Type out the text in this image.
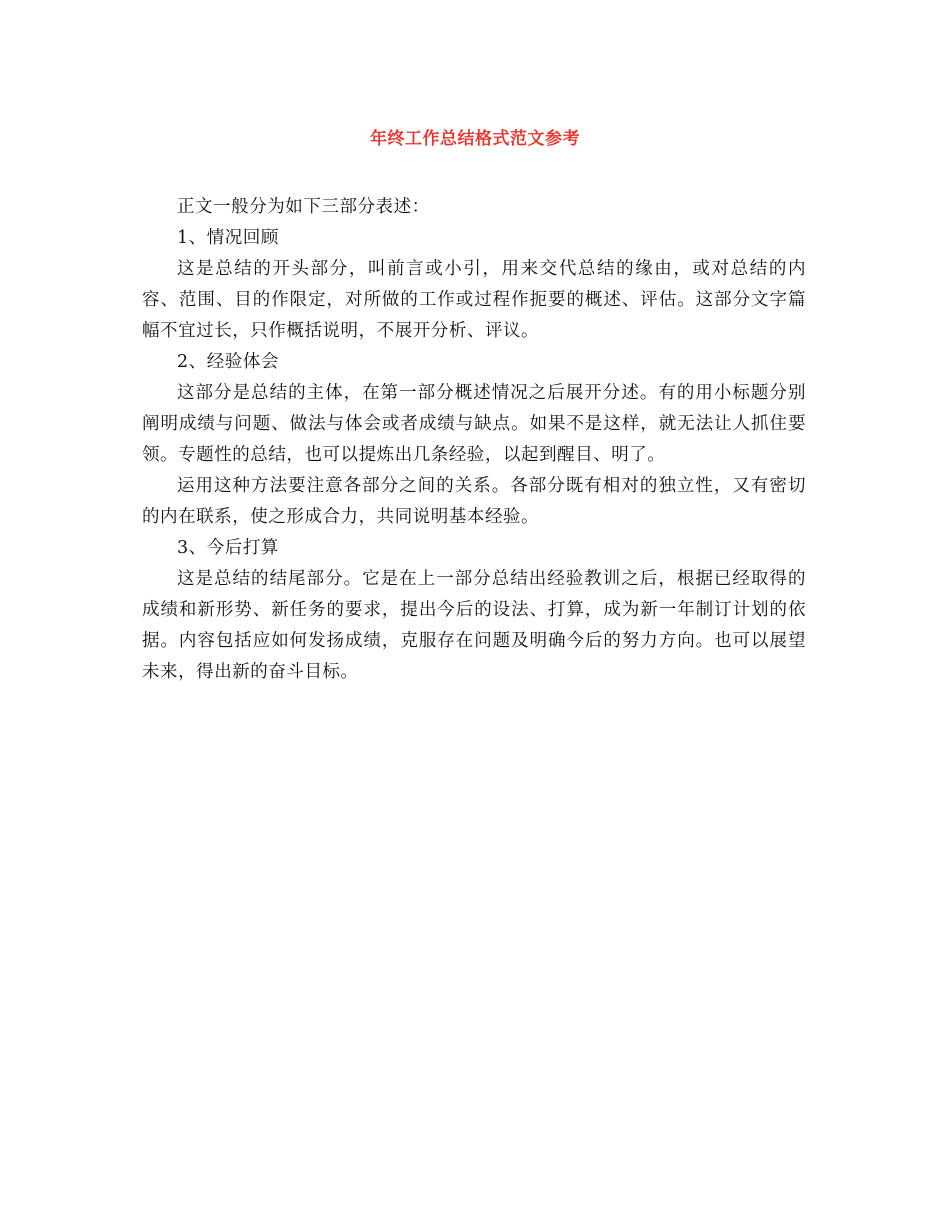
年终工作总结格式范文参考

正文一般分为如下三部分表述：

1、情况回顾

这是总结的开头部分，叫前言或小引，用来交代总结的缘由，或对总结的内容、范围、目的作限定，对所做的工作或过程作扼要的概述、评估。这部分文字篇幅不宜过长，只作概括说明，不展开分析、评议。

2、经验体会

这部分是总结的主体，在第一部分概述情况之后展开分述。有的用小标题分别阐明成绩与问题、做法与体会或者成绩与缺点。如果不是这样，就无法让人抓住要领。专题性的总结，也可以提炼出几条经验，以起到醒目、明了。

运用这种方法要注意各部分之间的关系。各部分既有相对的独立性，又有密切的内在联系，使之形成合力，共同说明基本经验。

3、今后打算

这是总结的结尾部分。它是在上一部分总结出经验教训之后，根据已经取得的成绩和新形势、新任务的要求，提出今后的设法、打算，成为新一年制订计划的依据。内容包括应如何发扬成绩，克服存在问题及明确今后的努力方向。也可以展望未来，得出新的奋斗目标。
